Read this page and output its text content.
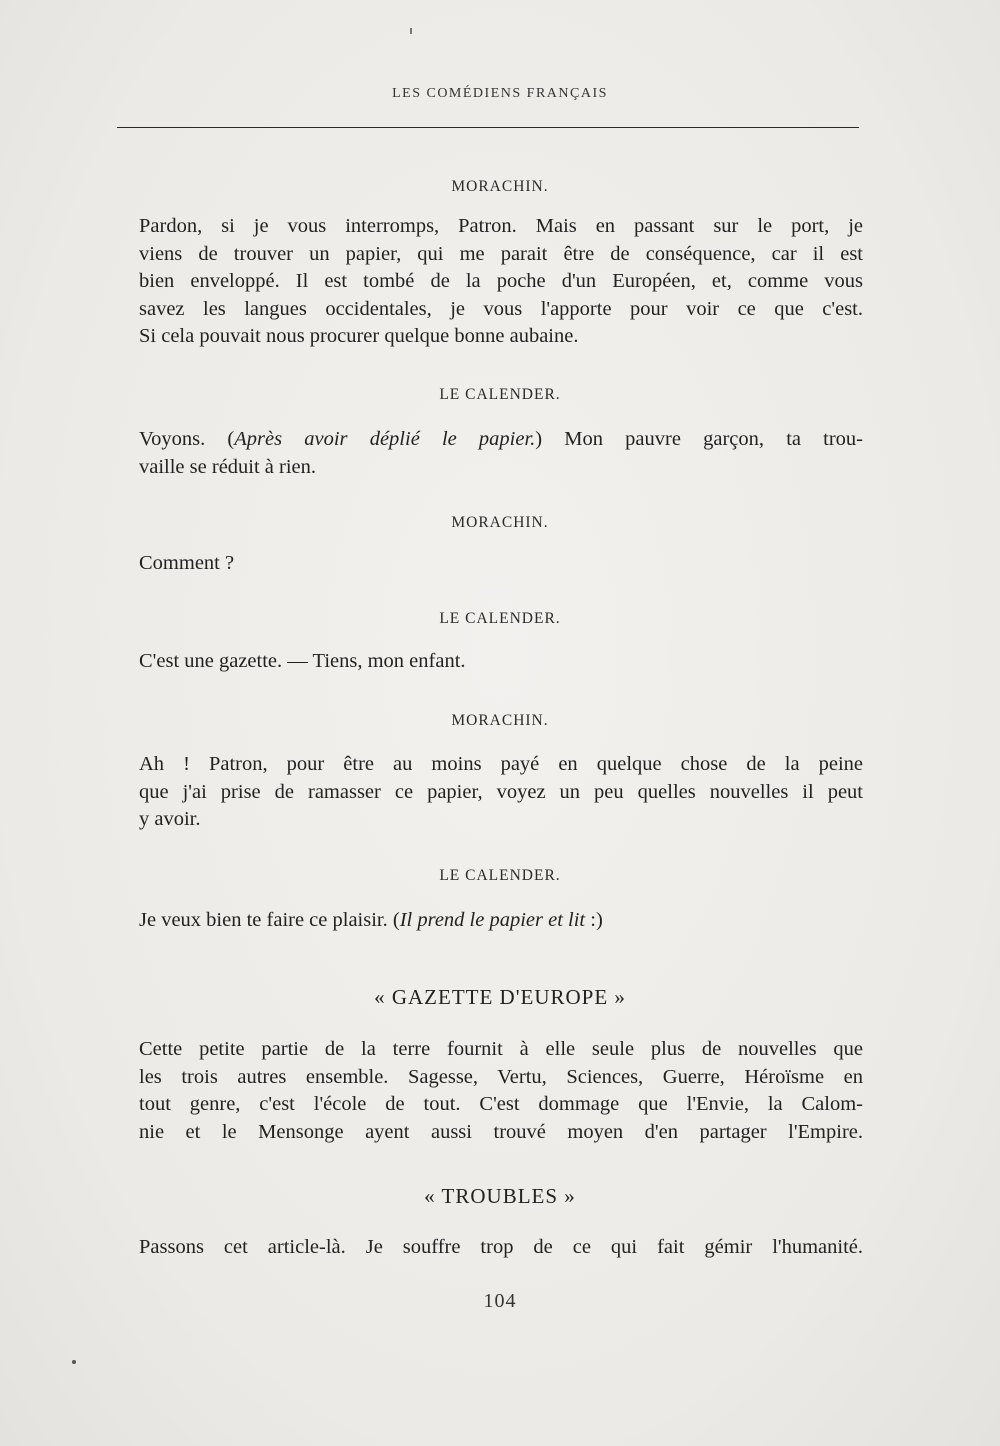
LES COMÉDIENS FRANÇAIS
MORACHIN.
Pardon, si je vous interromps, Patron. Mais en passant sur le port, je
viens de trouver un papier, qui me parait être de conséquence, car il est
bien enveloppé. Il est tombé de la poche d'un Européen, et, comme vous
savez les langues occidentales, je vous l'apporte pour voir ce que c'est.
Si cela pouvait nous procurer quelque bonne aubaine.
LE CALENDER.
Voyons. (Après avoir déplié le papier.) Mon pauvre garçon, ta trou-
vaille se réduit à rien.
MORACHIN.
Comment ?
LE CALENDER.
C'est une gazette. — Tiens, mon enfant.
MORACHIN.
Ah ! Patron, pour être au moins payé en quelque chose de la peine
que j'ai prise de ramasser ce papier, voyez un peu quelles nouvelles il peut
y avoir.
LE CALENDER.
Je veux bien te faire ce plaisir. (Il prend le papier et lit :)
« GAZETTE D'EUROPE »
Cette petite partie de la terre fournit à elle seule plus de nouvelles que
les trois autres ensemble. Sagesse, Vertu, Sciences, Guerre, Héroïsme en
tout genre, c'est l'école de tout. C'est dommage que l'Envie, la Calom-
nie et le Mensonge ayent aussi trouvé moyen d'en partager l'Empire.
« TROUBLES »
Passons cet article-là. Je souffre trop de ce qui fait gémir l'humanité.
104
